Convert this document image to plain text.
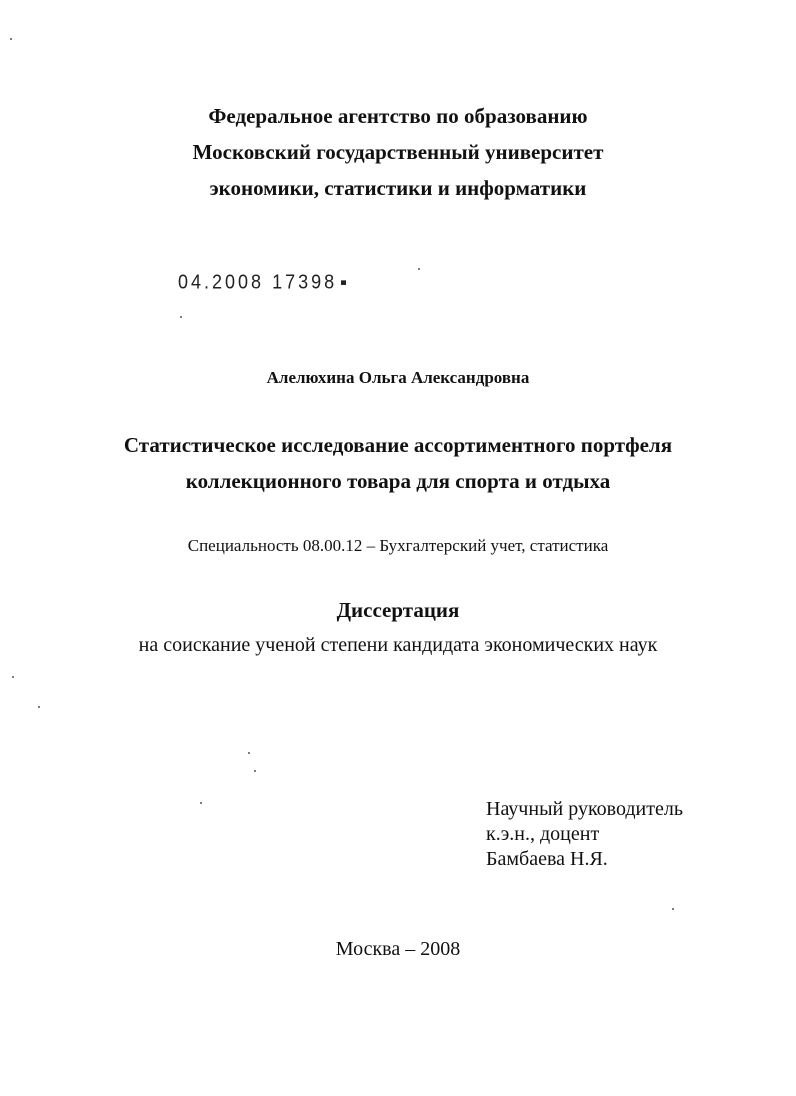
Федеральное агентство по образованию
Московский государственный университет
экономики, статистики и информатики
04.2008 17398
Алелюхина Ольга Александровна
Статистическое исследование ассортиментного портфеля
коллекционного товара для спорта и отдыха
Специальность 08.00.12 – Бухгалтерский учет, статистика
Диссертация
на соискание ученой степени кандидата экономических наук
Научный руководитель
к.э.н., доцент
Бамбаева Н.Я.
Москва – 2008
